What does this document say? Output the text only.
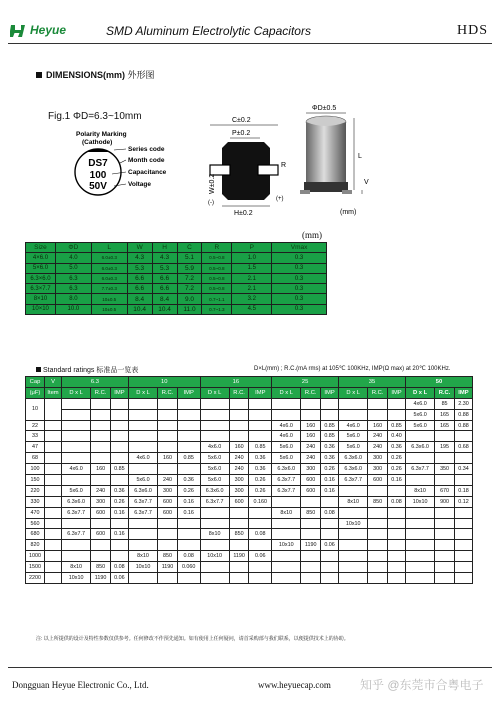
Heyue	SMD Aluminum Electrolytic Capacitors	HDS
DIMENSIONS(mm) 外形图
Fig.1 ΦD=6.3~10mm
Polarity Marking
(Cathode)
DS7
100
50V
Series code
Month code
Capacitance
Voltage
C±0.2
P±0.2
W±0.2
R
(+)
(-)
H±0.2
ΦD±0.5
L
V
(mm)
(mm)
Size	ΦD	L	W	H	C	R	P	Vmax
4×6.0	4.0	6.0±0.3	4.3	4.3	5.1	0.5~0.8	1.0	0.3
5×6.0	5.0	6.0±0.3	5.3	5.3	5.9	0.5~0.8	1.5	0.3
6.3×6.0	6.3	6.0±0.3	6.6	6.6	7.2	0.5~0.8	2.1	0.3
6.3×7.7	6.3	7.7±0.3	6.6	6.6	7.2	0.5~0.8	2.1	0.3
8×10	8.0	10±0.5	8.4	8.4	9.0	0.7~1.1	3.2	0.3
10×10	10.0	10±0.5	10.4	10.4	11.0	0.7~1.3	4.5	0.3
Standard ratings 标准品一览表	D×L(mm) ; R.C.(mA rms) at 105℃ 100KHz, IMP(Ω max) at 20℃ 100KHz.
Cap	V	6.3			10			16			25			35			50		
(μF)	Item	D x L	R.C.	IMP	D x L	R.C.	IMP	D x L	R.C.	IMP	D x L	R.C.	IMP	D x L	R.C.	IMP	D x L	R.C.	IMP
10																	4x6.0	85	2.30
																	5x6.0	165	0.88
22											4x6.0	160	0.85	4x6.0	160	0.85	5x6.0	165	0.88
33											4x6.0	160	0.85	5x6.0	240	0.40			
47								4x6.0	160	0.85	5x6.0	240	0.36	5x6.0	240	0.36	6.3x6.0	195	0.68
68					4x6.0	160	0.85	5x6.0	240	0.36	5x6.0	240	0.36	6.3x6.0	300	0.26			
100		4x6.0	160	0.85				5x6.0	240	0.36	6.3x6.0	300	0.26	6.3x6.0	300	0.26	6.3x7.7	350	0.34
150					5x6.0	240	0.36	5x6.0	300	0.26	6.3x7.7	600	0.16	6.3x7.7	600	0.16			
220		5x6.0	240	0.36	6.3x6.0	300	0.26	6.3x6.0	300	0.26	6.3x7.7	600	0.16				8x10	670	0.18
330		6.3x6.0	300	0.26	6.3x7.7	600	0.16	6.3x7.7	600	0.160				8x10	850	0.08	10x10	900	0.12
470		6.3x7.7	600	0.16	6.3x7.7	600	0.16				8x10	850	0.08						
560														10x10					
680		6.3x7.7	600	0.16				8x10	850	0.08									
820											10x10	1190	0.06						
1000					8x10	850	0.08	10x10	1190	0.06									
1500		8x10	850	0.08	10x10	1190	0.060												
2200		10x10	1190	0.06															
注: 以上所提供的设计及特性参数仅供参考。任何修改不作预先通知。如有使用上任何疑问，请首采购部与我们联系，以便提供技术上的协助。
Dongguan Heyue Electronic Co., Ltd.	www.heyuecap.com 知乎 @东莞市合粤电子
